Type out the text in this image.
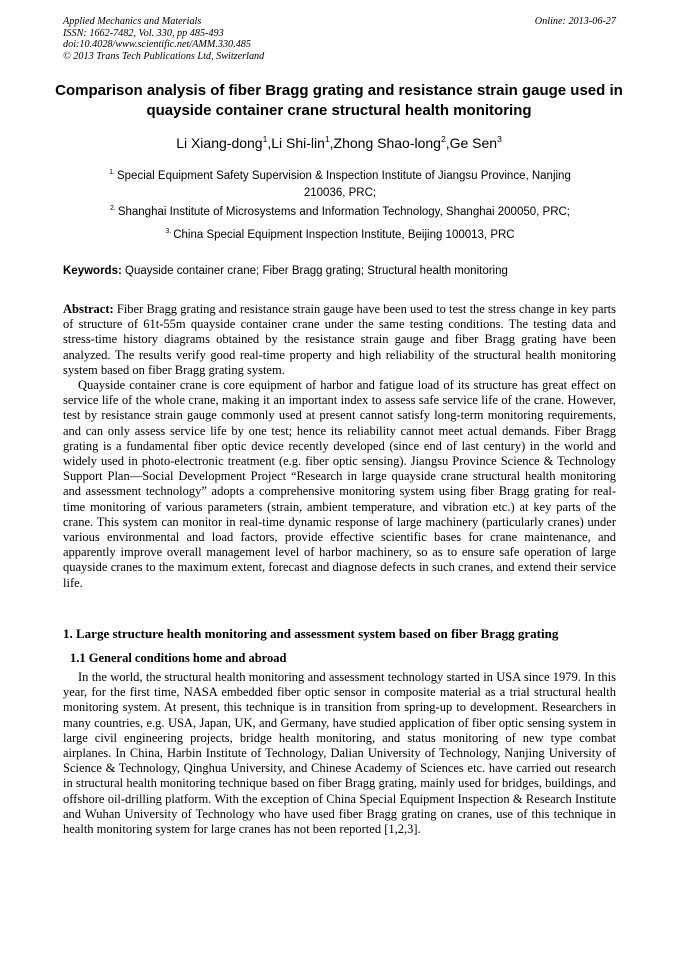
Applied Mechanics and Materials
ISSN: 1662-7482, Vol. 330, pp 485-493
doi:10.4028/www.scientific.net/AMM.330.485
© 2013 Trans Tech Publications Ltd, Switzerland
Online: 2013-06-27
Comparison analysis of fiber Bragg grating and resistance strain gauge used in quayside container crane structural health monitoring
Li Xiang-dong$^1$,Li Shi-lin$^1$,Zhong Shao-long$^2$,Ge Sen$^3$
$^{1.}$ Special Equipment Safety Supervision & Inspection Institute of Jiangsu Province, Nanjing
210036, PRC;
$^{2.}$ Shanghai Institute of Microsystems and Information Technology, Shanghai 200050, PRC;
$^{3.}$ China Special Equipment Inspection Institute, Beijing 100013, PRC
Keywords: Quayside container crane; Fiber Bragg grating; Structural health monitoring

Abstract: Fiber Bragg grating and resistance strain gauge have been used to test the stress change in key parts of structure of 61t-55m quayside container crane under the same testing conditions. The testing data and stress-time history diagrams obtained by the resistance strain gauge and fiber Bragg grating have been analyzed. The results verify good real-time property and high reliability of the structural health monitoring system based on fiber Bragg grating system.

Quayside container crane is core equipment of harbor and fatigue load of its structure has great effect on service life of the whole crane, making it an important index to assess safe service life of the crane. However, test by resistance strain gauge commonly used at present cannot satisfy long-term monitoring requirements, and can only assess service life by one test; hence its reliability cannot meet actual demands. Fiber Bragg grating is a fundamental fiber optic device recently developed (since end of last century) in the world and widely used in photo-electronic treatment (e.g. fiber optic sensing). Jiangsu Province Science & Technology Support Plan—Social Development Project “Research in large quayside crane structural health monitoring and assessment technology” adopts a comprehensive monitoring system using fiber Bragg grating for real-time monitoring of various parameters (strain, ambient temperature, and vibration etc.) at key parts of the crane. This system can monitor in real-time dynamic response of large machinery (particularly cranes) under various environmental and load factors, provide effective scientific bases for crane maintenance, and apparently improve overall management level of harbor machinery, so as to ensure safe operation of large quayside cranes to the maximum extent, forecast and diagnose defects in such cranes, and extend their service life.

1. Large structure health monitoring and assessment system based on fiber Bragg grating
1.1 General conditions home and abroad

In the world, the structural health monitoring and assessment technology started in USA since 1979. In this year, for the first time, NASA embedded fiber optic sensor in composite material as a trial structural health monitoring system. At present, this technique is in transition from spring-up to development. Researchers in many countries, e.g. USA, Japan, UK, and Germany, have studied application of fiber optic sensing system in large civil engineering projects, bridge health monitoring, and status monitoring of new type combat airplanes. In China, Harbin Institute of Technology, Dalian University of Technology, Nanjing University of Science & Technology, Qinghua University, and Chinese Academy of Sciences etc. have carried out research in structural health monitoring technique based on fiber Bragg grating, mainly used for bridges, buildings, and offshore oil-drilling platform. With the exception of China Special Equipment Inspection & Research Institute and Wuhan University of Technology who have used fiber Bragg grating on cranes, use of this technique in health monitoring system for large cranes has not been reported [1,2,3].
